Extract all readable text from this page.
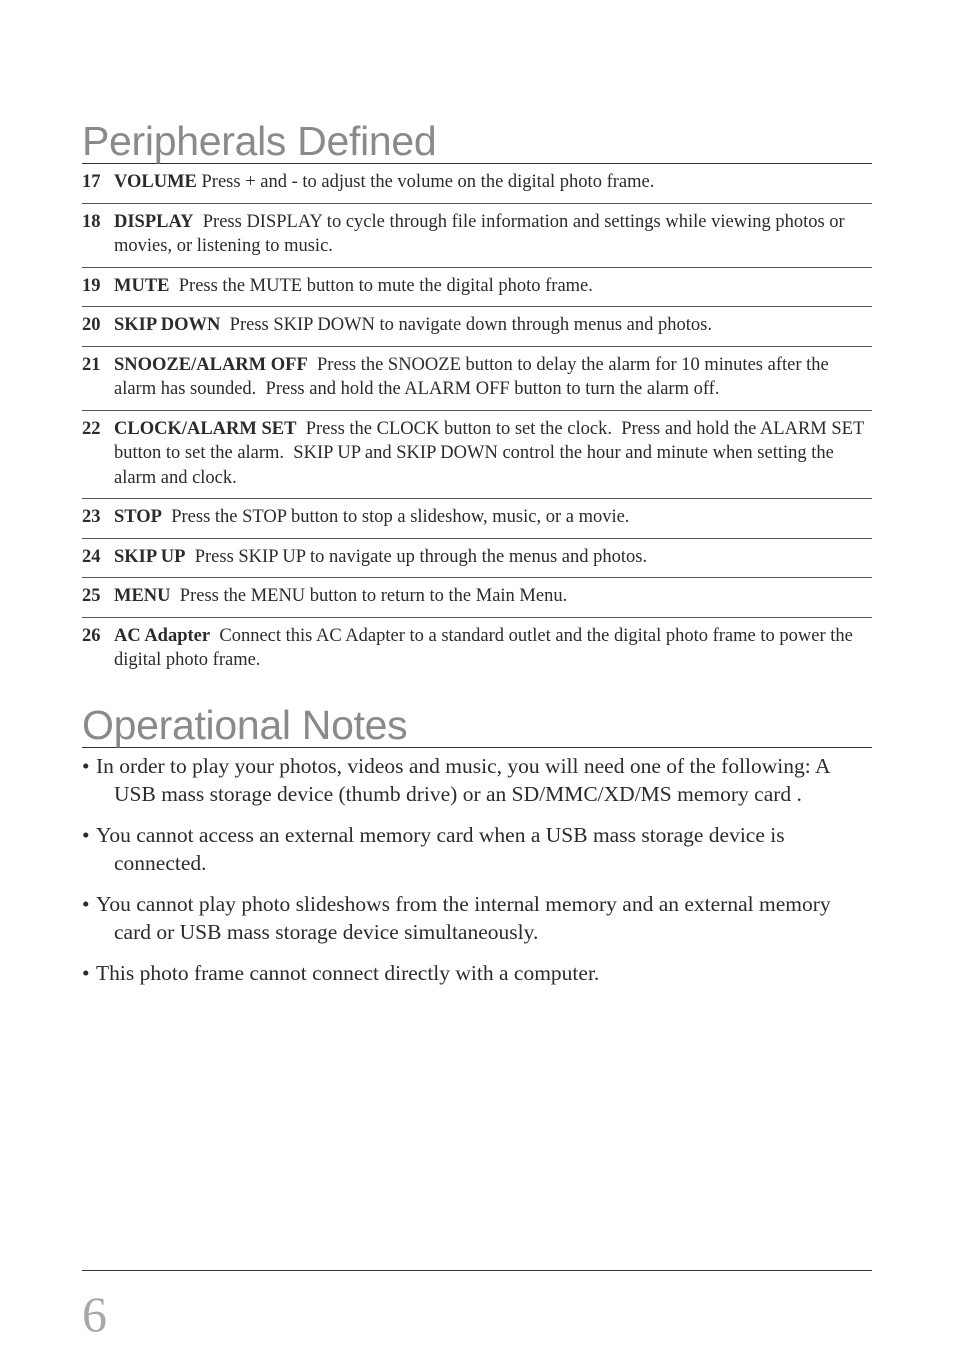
Peripherals Defined
17 VOLUME Press + and - to adjust the volume on the digital photo frame.
18 DISPLAY  Press DISPLAY to cycle through file information and settings while viewing photos or movies, or listening to music.
19 MUTE  Press the MUTE button to mute the digital photo frame.
20 SKIP DOWN  Press SKIP DOWN to navigate down through menus and photos.
21 SNOOZE/ALARM OFF  Press the SNOOZE button to delay the alarm for 10 minutes after the alarm has sounded.  Press and hold the ALARM OFF button to turn the alarm off.
22 CLOCK/ALARM SET  Press the CLOCK button to set the clock.  Press and hold the ALARM SET button to set the alarm.  SKIP UP and SKIP DOWN control the hour and minute when setting the alarm and clock.
23 STOP  Press the STOP button to stop a slideshow, music, or a movie.
24 SKIP UP  Press SKIP UP to navigate up through the menus and photos.
25 MENU  Press the MENU button to return to the Main Menu.
26 AC Adapter  Connect this AC Adapter to a standard outlet and the digital photo frame to power the digital photo frame.
Operational Notes
• In order to play your photos, videos and music, you will need one of the following: A USB mass storage device (thumb drive) or an SD/MMC/XD/MS memory card .
• You cannot access an external memory card when a USB mass storage device is connected.
• You cannot play photo slideshows from the internal memory and an external memory card or USB mass storage device simultaneously.
• This photo frame cannot connect directly with a computer.
6
